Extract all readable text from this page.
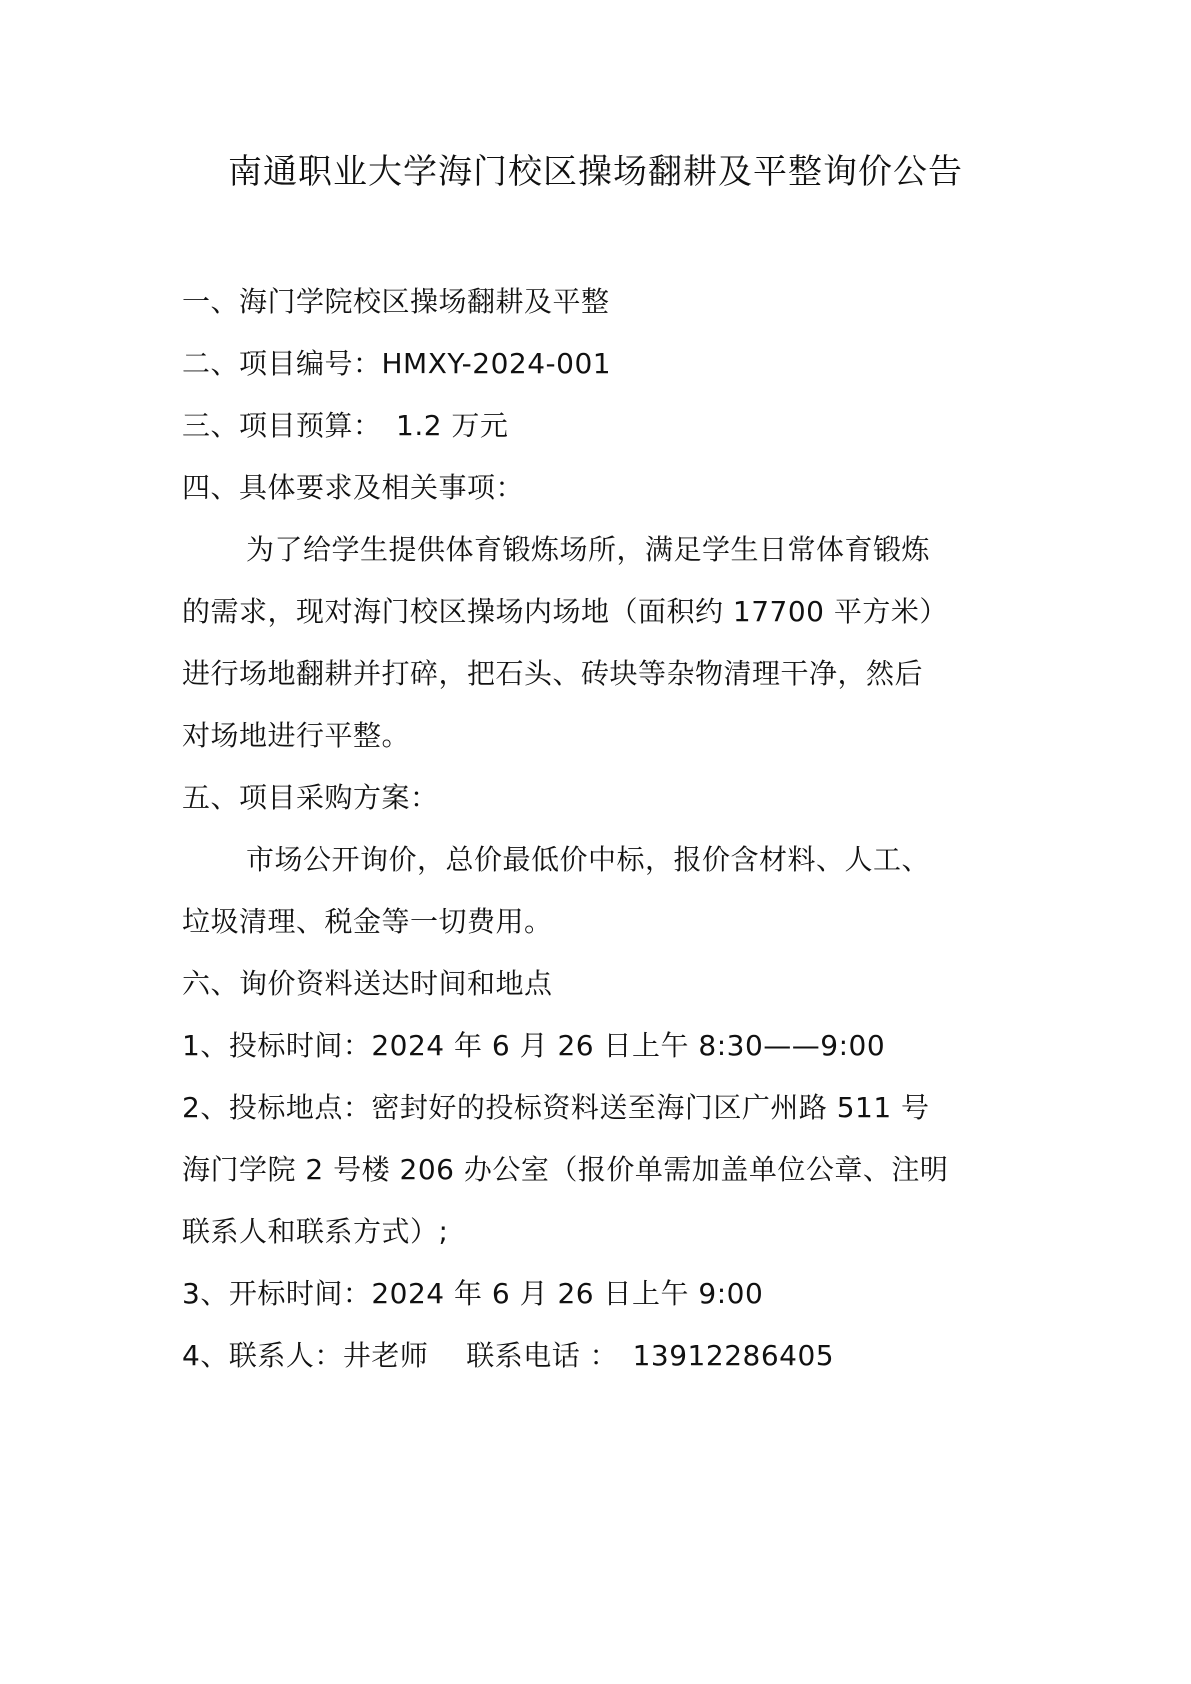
南通职业大学海门校区操场翻耕及平整询价公告
一、海门学院校区操场翻耕及平整
二、项目编号：HMXY-2024-001
三、项目预算：　1.2 万元
四、具体要求及相关事项：
为了给学生提供体育锻炼场所，满足学生日常体育锻炼
的需求，现对海门校区操场内场地（面积约 17700 平方米）
进行场地翻耕并打碎，把石头、砖块等杂物清理干净，然后
对场地进行平整。
五、项目采购方案：
市场公开询价，总价最低价中标，报价含材料、人工、
垃圾清理、税金等一切费用。
六、询价资料送达时间和地点
1、投标时间：2024 年 6 月 26 日上午 8:30——9:00
2、投标地点：密封好的投标资料送至海门区广州路 511 号
海门学院 2 号楼 206 办公室（报价单需加盖单位公章、注明
联系人和联系方式）;
3、开标时间：2024 年 6 月 26 日上午 9:00
4、联系人：井老师　 联系电话 ：　13912286405
